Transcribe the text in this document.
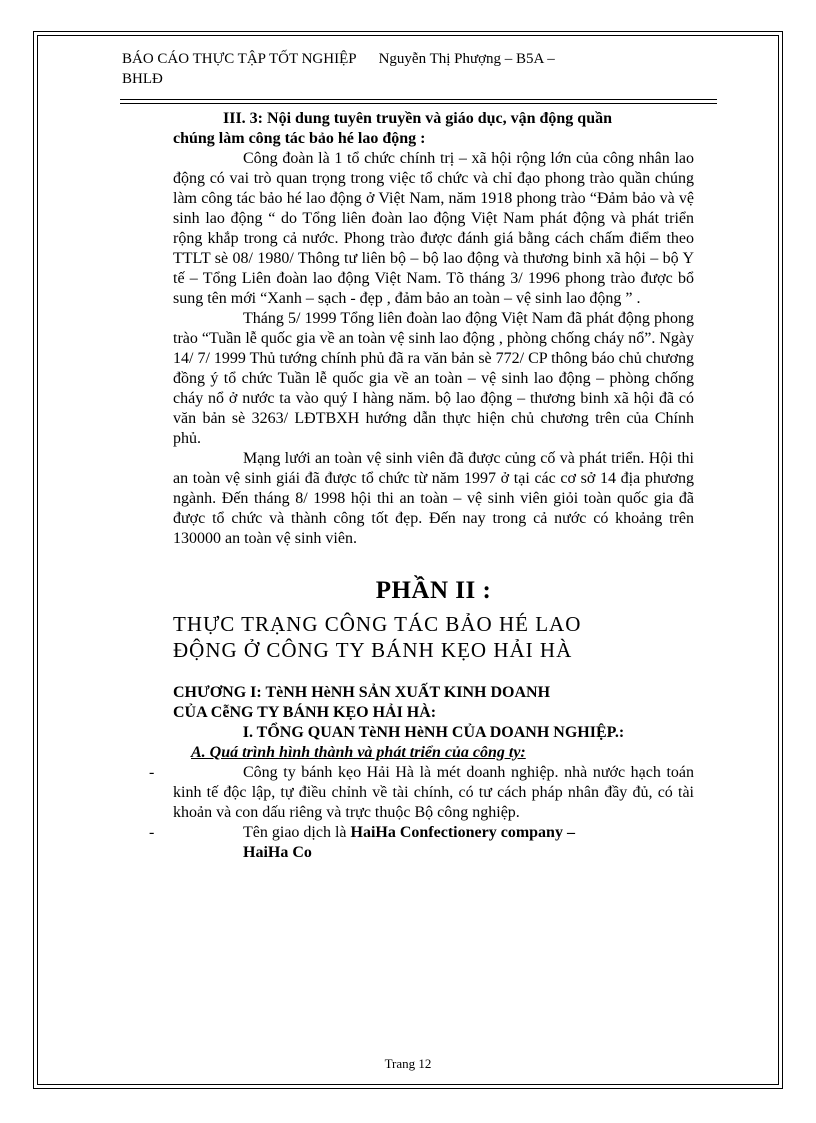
BÁO CÁO THỰC TẬP TỐT NGHIỆP Nguyễn Thị Phượng – B5A –
BHLĐ

III. 3: Nội dung tuyên truyền và giáo dục, vận động quần

chúng làm công tác bảo hé lao động :

Công đoàn là 1 tổ chức chính trị – xã hội rộng lớn của công nhân lao động có vai trò quan trọng trong việc tổ chức và chỉ đạo phong trào quần chúng làm công tác bảo hé lao động ở Việt Nam, năm 1918 phong trào “Đảm bảo và vệ sinh lao động “ do Tổng liên đoàn lao động Việt Nam phát động và phát triển rộng khắp trong cả nước. Phong trào được đánh giá bằng cách chấm điểm theo TTLT sè 08/ 1980/ Thông tư liên bộ – bộ lao động và thương binh xã hội – bộ Y tế – Tổng Liên đoàn lao động Việt Nam. Tõ tháng 3/ 1996 phong trào được bổ sung tên mới “Xanh – sạch - đẹp , đảm bảo an toàn – vệ sinh lao động ” .

Tháng 5/ 1999 Tổng liên đoàn lao động Việt Nam đã phát động phong trào “Tuần lễ quốc gia về an toàn vệ sinh lao động , phòng chống cháy nổ”. Ngày 14/ 7/ 1999 Thủ tướng chính phủ đã ra văn bản sè 772/ CP thông báo chủ chương đồng ý tổ chức Tuần lễ quốc gia về an toàn – vệ sinh lao động – phòng chống cháy nổ ở nước ta vào quý I hàng năm. bộ lao động – thương binh xã hội đã có văn bản sè 3263/ LĐTBXH hướng dẫn thực hiện chủ chương trên của Chính phủ.

Mạng lưới an toàn vệ sinh viên đã được củng cố và phát triển. Hội thi an toàn vệ sinh giái đã được tổ chức từ năm 1997 ở tại các cơ sở 14 địa phương ngành. Đến tháng 8/ 1998 hội thi an toàn – vệ sinh viên giỏi toàn quốc gia đã được tổ chức và thành công tốt đẹp. Đến nay trong cả nước có khoảng trên 130000 an toàn vệ sinh viên.

PHẦN II :

THỰC TRẠNG CÔNG TÁC BẢO HÉ LAO

ĐỘNG Ở CÔNG TY BÁNH KẸO HẢI HÀ

CHƯƠNG I: TèNH HèNH SẢN XUẤT KINH DOANH

CỦA CễNG TY BÁNH KẸO HẢI HÀ:

I. TỔNG QUAN TèNH HèNH CỦA DOANH NGHIỆP.:

A. Quá trình hình thành và phát triển của công ty:

-	Công ty bánh kẹo Hải Hà là mét doanh nghiệp. nhà nước hạch toán kinh tế độc lập, tự điều chỉnh về tài chính, có tư cách pháp nhân đầy đủ, có tài khoản và con dấu riêng và trực thuộc Bộ công nghiệp.

-	Tên giao dịch là HaiHa Confectionery company –

HaiHa Co

Trang 12
